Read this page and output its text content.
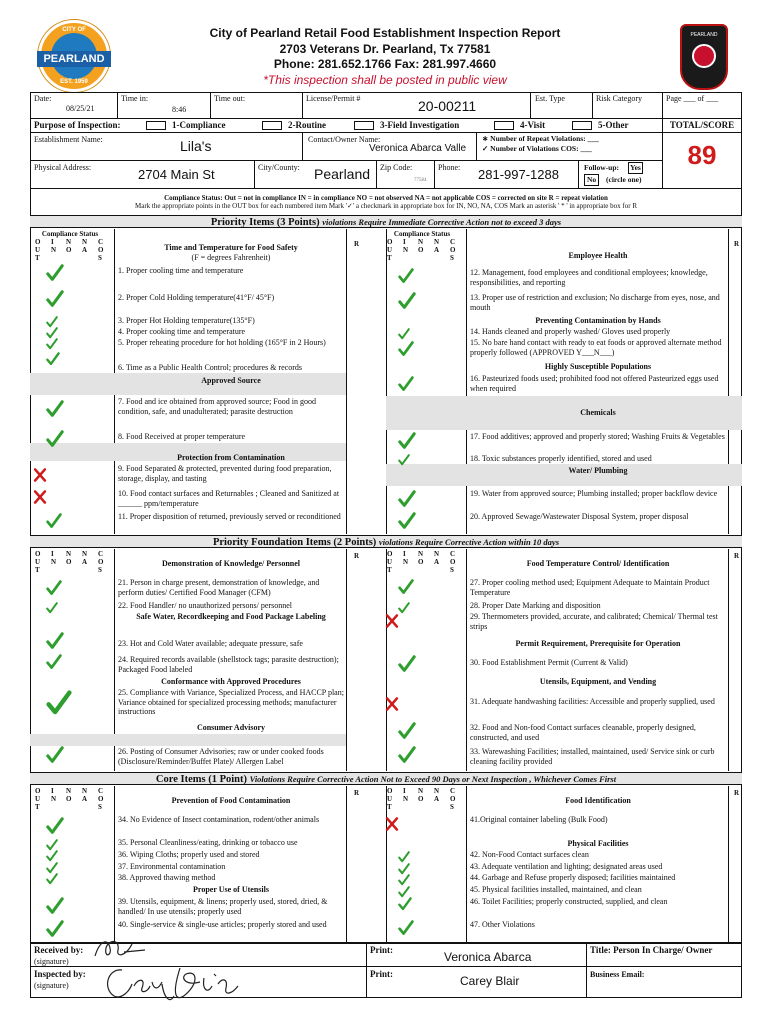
CITY OF
PEARLAND
EST. 1959
PEARLAND
City of Pearland Retail Food Establishment Inspection Report
2703 Veterans Dr. Pearland, Tx 77581
Phone: 281.652.1766 Fax: 281.997.4660
*This inspection shall be posted in public view
Date:
08/25/21
Time in:
8:46
Time out:	License/Permit #	20-00211	Est. Type	Risk Category	Page ___ of ___
Purpose of Inspection:	1-Compliance	2-Routine	3-Field Investigation	4-Visit	5-Other	TOTAL/SCORE
89
Establishment Name:	Lila's	Contact/Owner Name:
Veronica Abarca Valle
∗ Number of Repeat Violations: ___
✓ Number of Violations COS: ___
Physical Address:	2704 Main St	City/County: Pearland Zip Code:
77584
Phone: 281-997-1288	Follow-up: Yes
No	(circle one)
Compliance Status: Out = not in compliance IN = in compliance NO = not observed NA = not applicable COS = corrected on site R = repeat violation
Mark the appropriate points in the OUT box for each numbered item Mark '✓' a checkmark in appropriate box for IN, NO, NA, COS Mark an asterisk ' * ' in appropriate box for R
Priority Items (3 Points) violations Require Immediate Corrective Action not to exceed 3 days
Compliance Status	Compliance Status
O U T
I N
N O
N A
C O S
O U T
I N
N O
N A
C O S
R	R
Time and Temperature for Food Safety
(F = degrees Fahrenheit)
1. Proper cooling time and temperature
2. Proper Cold Holding temperature(41°F/ 45°F)
3. Proper Hot Holding temperature(135°F)
4. Proper cooking time and temperature
5. Proper reheating procedure for hot holding (165°F in 2 Hours)
6. Time as a Public Health Control; procedures & records
Approved Source
7. Food and ice obtained from approved source; Food in good condition, safe, and unadulterated; parasite destruction
8. Food Received at proper temperature
Protection from Contamination
9. Food Separated & protected, prevented during food preparation, storage, display, and tasting
10. Food contact surfaces and Returnables ; Cleaned and Sanitized at ______ ppm/temperature
11. Proper disposition of returned, previously served or reconditioned
Employee Health
12. Management, food employees and conditional employees; knowledge, responsibilities, and reporting
13. Proper use of restriction and exclusion; No discharge from eyes, nose, and mouth
Preventing Contamination by Hands
14. Hands cleaned and properly washed/ Gloves used properly
15. No bare hand contact with ready to eat foods or approved alternate method properly followed (APPROVED Y___N___)
Highly Susceptible Populations
16. Pasteurized foods used; prohibited food not offered Pasteurized eggs used when required
Chemicals
17. Food additives; approved and properly stored; Washing Fruits & Vegetables
18. Toxic substances properly identified, stored and used
Water/ Plumbing
19. Water from approved source; Plumbing installed; proper backflow device
20. Approved Sewage/Wastewater Disposal System, proper disposal
Priority Foundation Items (2 Points) violations Require Corrective Action within 10 days
O U T
I N
N O
N A
C O S
O U T
I N
N O
N A
C O S
R	R
Demonstration of Knowledge/ Personnel
21. Person in charge present, demonstration of knowledge, and perform duties/ Certified Food Manager (CFM)
22. Food Handler/ no unauthorized persons/ personnel
Safe Water, Recordkeeping and Food Package Labeling
23. Hot and Cold Water available; adequate pressure, safe
24. Required records available (shellstock tags; parasite destruction); Packaged Food labeled
Conformance with Approved Procedures
25. Compliance with Variance, Specialized Process, and HACCP plan; Variance obtained for specialized processing methods; manufacturer instructions
Consumer Advisory
26. Posting of Consumer Advisories; raw or under cooked foods (Disclosure/Reminder/Buffet Plate)/ Allergen Label
Food Temperature Control/ Identification
27. Proper cooling method used; Equipment Adequate to Maintain Product Temperature
28. Proper Date Marking and disposition
29. Thermometers provided, accurate, and calibrated; Chemical/ Thermal test strips
Permit Requirement, Prerequisite for Operation
30. Food Establishment Permit (Current & Valid)
Utensils, Equipment, and Vending
31. Adequate handwashing facilities: Accessible and properly supplied, used
32. Food and Non-food Contact surfaces cleanable, properly designed, constructed, and used
33. Warewashing Facilities; installed, maintained, used/ Service sink or curb cleaning facility provided
Core Items (1 Point) Violations Require Corrective Action Not to Exceed 90 Days or Next Inspection , Whichever Comes First
O U T
I N
N O
N A
C O S
O U T
I N
N O
N A
C O S
R	R
Prevention of Food Contamination
34. No Evidence of Insect contamination, rodent/other animals
35. Personal Cleanliness/eating, drinking or tobacco use
36. Wiping Cloths; properly used and stored
37. Environmental contamination
38. Approved thawing method
Proper Use of Utensils
39. Utensils, equipment, & linens; properly used, stored, dried, & handled/ In use utensils; properly used
40. Single-service & single-use articles; properly stored and used
Food Identification
41.Original container labeling (Bulk Food)
Physical Facilities
42. Non-Food Contact surfaces clean
43. Adequate ventilation and lighting; designated areas used
44. Garbage and Refuse properly disposed; facilities maintained
45. Physical facilities installed, maintained, and clean
46. Toilet Facilities; properly constructed, supplied, and clean
47. Other Violations
Received by:
(signature)
Inspected by:
(signature)
Print:	Veronica Abarca
Print:	Carey Blair
Title: Person In Charge/ Owner
Business Email:
